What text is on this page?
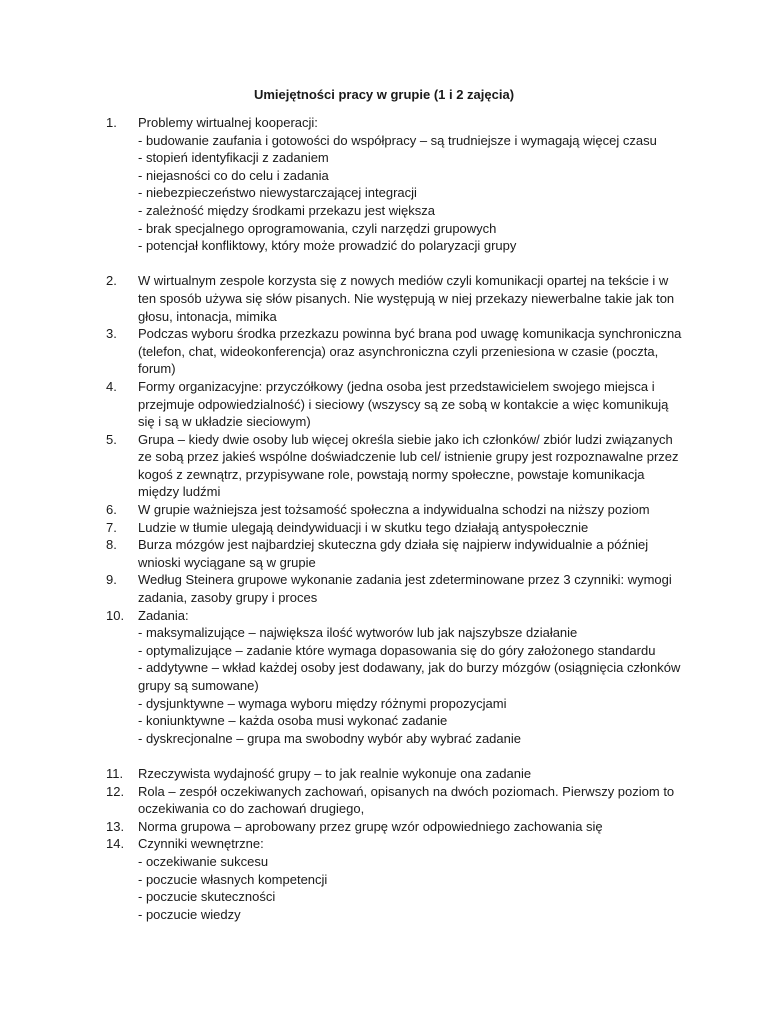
Umiejętności pracy w grupie (1 i 2 zajęcia)
1.	Problemy wirtualnej kooperacji:
- budowanie zaufania i gotowości do współpracy – są trudniejsze i wymagają więcej czasu
- stopień identyfikacji z zadaniem
- niejasności co do celu i zadania
- niebezpieczeństwo niewystarczającej integracji
- zależność między środkami przekazu jest większa
- brak specjalnego oprogramowania, czyli narzędzi grupowych
- potencjał konfliktowy, który może prowadzić do polaryzacji grupy
2.	W wirtualnym zespole korzysta się z nowych mediów czyli komunikacji opartej na tekście i w
ten sposób używa się słów pisanych. Nie występują w niej przekazy niewerbalne takie jak ton
głosu, intonacja, mimika
3.	Podczas wyboru środka przezkazu powinna być brana pod uwagę komunikacja synchroniczna
(telefon, chat, wideokonferencja) oraz asynchroniczna czyli przeniesiona w czasie (poczta,
forum)
4.	Formy organizacyjne: przyczółkowy (jedna osoba jest przedstawicielem swojego miejsca i
przejmuje odpowiedzialność) i sieciowy (wszyscy są ze sobą w kontakcie a więc komunikują
się i są w układzie sieciowym)
5.	Grupa – kiedy dwie osoby lub więcej określa siebie jako ich członków/ zbiór ludzi związanych
ze sobą przez jakieś wspólne doświadczenie lub cel/ istnienie grupy jest rozpoznawalne przez
kogoś z zewnątrz, przypisywane role, powstają normy społeczne, powstaje komunikacja
między ludźmi
6.	W grupie ważniejsza jest tożsamość społeczna a indywidualna schodzi na niższy poziom
7.	Ludzie w tłumie ulegają deindywiduacji i w skutku tego działają antyspołecznie
8.	Burza mózgów jest najbardziej skuteczna gdy działa się najpierw indywidualnie a później
wnioski wyciągane są w grupie
9.	Według Steinera grupowe wykonanie zadania jest zdeterminowane przez 3 czynniki: wymogi
zadania, zasoby grupy i proces
10.	Zadania:
- maksymalizujące – największa ilość wytworów lub jak najszybsze działanie
- optymalizujące – zadanie które wymaga dopasowania się do góry założonego standardu
- addytywne – wkład każdej osoby jest dodawany, jak do burzy mózgów (osiągnięcia członków
grupy są sumowane)
- dysjunktywne – wymaga wyboru między różnymi propozycjami
- koniunktywne – każda osoba musi wykonać zadanie
- dyskrecjonalne – grupa ma swobodny wybór aby wybrać zadanie
11.	Rzeczywista wydajność grupy – to jak realnie wykonuje ona zadanie
12.	Rola – zespół oczekiwanych zachowań, opisanych na dwóch poziomach. Pierwszy poziom to
oczekiwania co do zachowań drugiego,
13.	Norma grupowa – aprobowany przez grupę wzór odpowiedniego zachowania się
14.	Czynniki wewnętrzne:
- oczekiwanie sukcesu
- poczucie własnych kompetencji
- poczucie skuteczności
- poczucie wiedzy
